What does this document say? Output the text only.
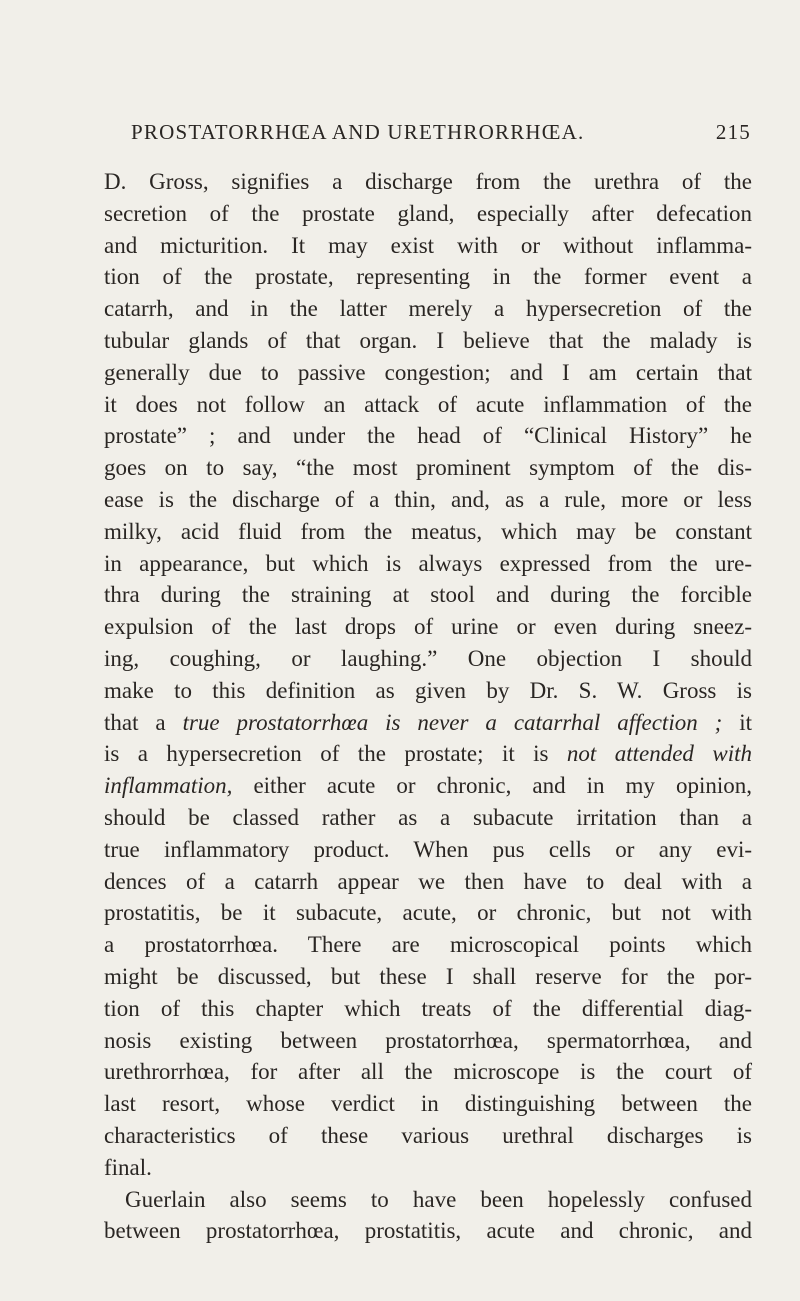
PROSTATORRHŒA AND URETHRORRHŒA.	215
D. Gross, signifies a discharge from the urethra of the
secretion of the prostate gland, especially after defecation
and micturition. It may exist with or without inflamma-
tion of the prostate, representing in the former event a
catarrh, and in the latter merely a hypersecretion of the
tubular glands of that organ. I believe that the malady is
generally due to passive congestion; and I am certain that
it does not follow an attack of acute inflammation of the
prostate” ; and under the head of “Clinical History” he
goes on to say, “the most prominent symptom of the dis-
ease is the discharge of a thin, and, as a rule, more or less
milky, acid fluid from the meatus, which may be constant
in appearance, but which is always expressed from the ure-
thra during the straining at stool and during the forcible
expulsion of the last drops of urine or even during sneez-
ing, coughing, or laughing.” One objection I should
make to this definition as given by Dr. S. W. Gross is
that a true prostatorrhœa is never a catarrhal affection ; it
is a hypersecretion of the prostate; it is not attended with
inflammation, either acute or chronic, and in my opinion,
should be classed rather as a subacute irritation than a
true inflammatory product. When pus cells or any evi-
dences of a catarrh appear we then have to deal with a
prostatitis, be it subacute, acute, or chronic, but not with
a prostatorrhœa. There are microscopical points which
might be discussed, but these I shall reserve for the por-
tion of this chapter which treats of the differential diag-
nosis existing between prostatorrhœa, spermatorrhœa, and
urethrorrhœa, for after all the microscope is the court of
last resort, whose verdict in distinguishing between the
characteristics of these various urethral discharges is
final.
Guerlain also seems to have been hopelessly confused
between prostatorrhœa, prostatitis, acute and chronic, and
